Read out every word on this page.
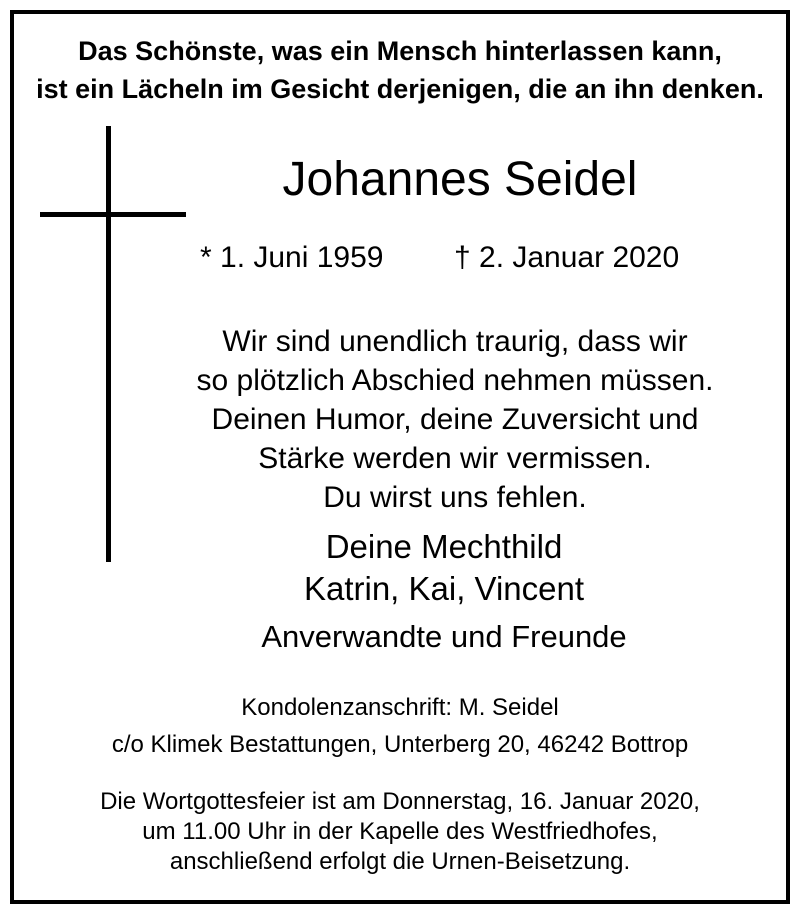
Das Schönste, was ein Mensch hinterlassen kann,
ist ein Lächeln im Gesicht derjenigen, die an ihn denken.
Johannes Seidel
* 1. Juni 1959 † 2. Januar 2020
Wir sind unendlich traurig, dass wir
so plötzlich Abschied nehmen müssen.
Deinen Humor, deine Zuversicht und
Stärke werden wir vermissen.
Du wirst uns fehlen.
Deine Mechthild
Katrin, Kai, Vincent
Anverwandte und Freunde
Kondolenzanschrift: M. Seidel
c/o Klimek Bestattungen, Unterberg 20, 46242 Bottrop
Die Wortgottesfeier ist am Donnerstag, 16. Januar 2020,
um 11.00 Uhr in der Kapelle des Westfriedhofes,
anschließend erfolgt die Urnen-Beisetzung.
